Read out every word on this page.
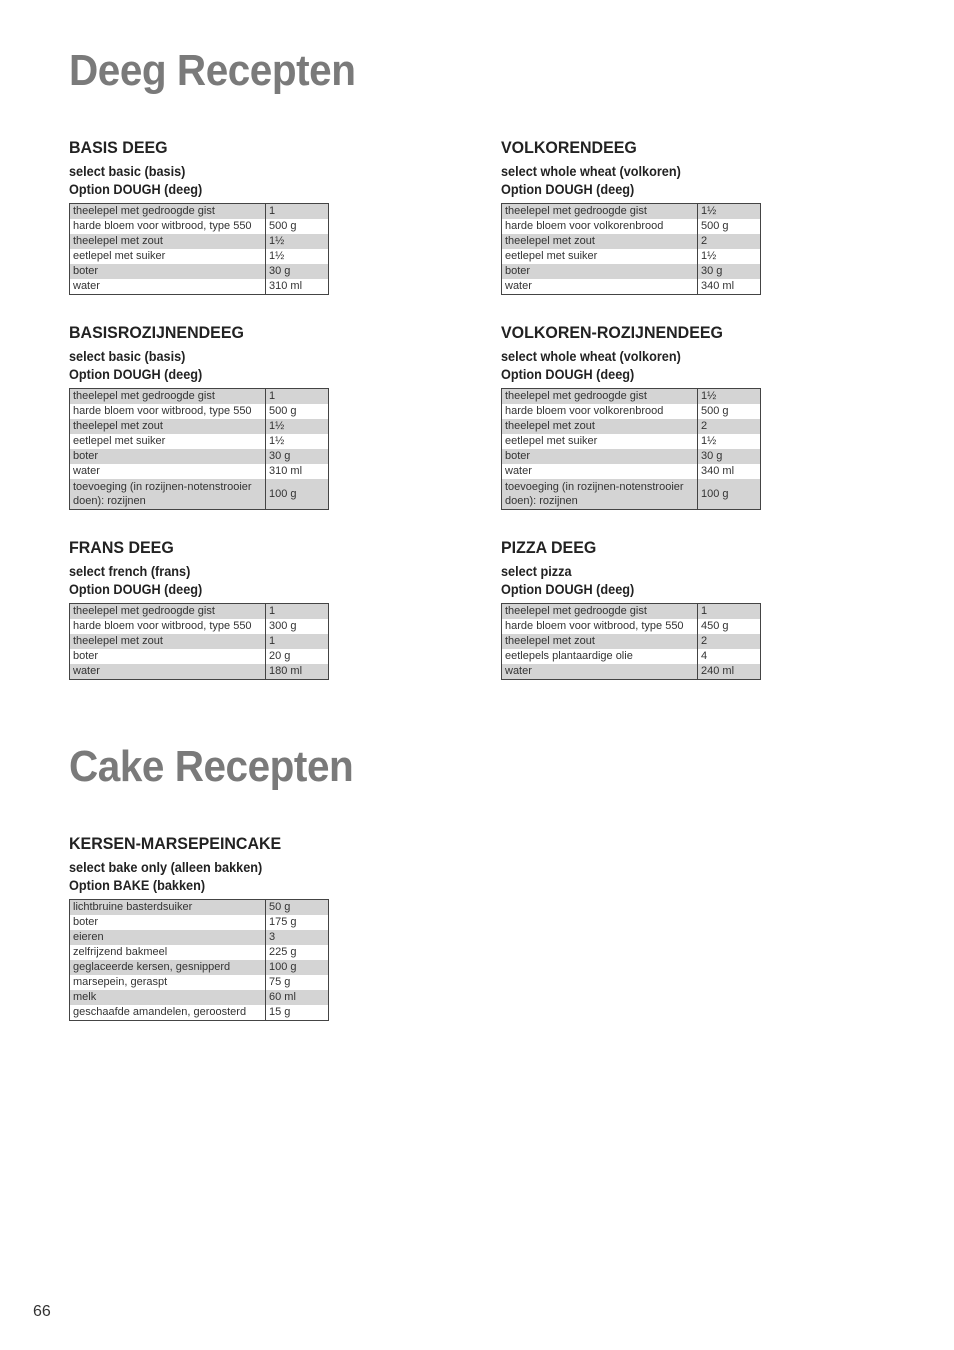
Deeg Recepten
BASIS DEEG

select basic (basis)

Option DOUGH (deeg)

theelepel met gedroogde gist	1
harde bloem voor witbrood, type 550	500 g
theelepel met zout	1½
eetlepel met suiker	1½
boter	30 g
water	310 ml
VOLKORENDEEG

select whole wheat (volkoren)

Option DOUGH (deeg)

theelepel met gedroogde gist	1½
harde bloem voor volkorenbrood	500 g
theelepel met zout	2
eetlepel met suiker	1½
boter	30 g
water	340 ml
BASISROZIJNENDEEG

select basic (basis)

Option DOUGH (deeg)

theelepel met gedroogde gist	1
harde bloem voor witbrood, type 550	500 g
theelepel met zout	1½
eetlepel met suiker	1½
boter	30 g
water	310 ml
toevoeging (in rozijnen-notenstrooier doen): rozijnen	100 g
VOLKOREN-ROZIJNENDEEG

select whole wheat (volkoren)

Option DOUGH (deeg)

theelepel met gedroogde gist	1½
harde bloem voor volkorenbrood	500 g
theelepel met zout	2
eetlepel met suiker	1½
boter	30 g
water	340 ml
toevoeging (in rozijnen-notenstrooier doen): rozijnen	100 g
FRANS DEEG

select french (frans)

Option DOUGH (deeg)

theelepel met gedroogde gist	1
harde bloem voor witbrood, type 550	300 g
theelepel met zout	1
boter	20 g
water	180 ml
PIZZA DEEG

select pizza

Option DOUGH (deeg)

theelepel met gedroogde gist	1
harde bloem voor witbrood, type 550	450 g
theelepel met zout	2
eetlepels plantaardige olie	4
water	240 ml
Cake Recepten
KERSEN-MARSEPEINCAKE

select bake only (alleen bakken)

Option BAKE (bakken)

lichtbruine basterdsuiker	50 g
boter	175 g
eieren	3
zelfrijzend bakmeel	225 g
geglaceerde kersen, gesnipperd	100 g
marsepein, geraspt	75 g
melk	60 ml
geschaafde amandelen, geroosterd	15 g
66
